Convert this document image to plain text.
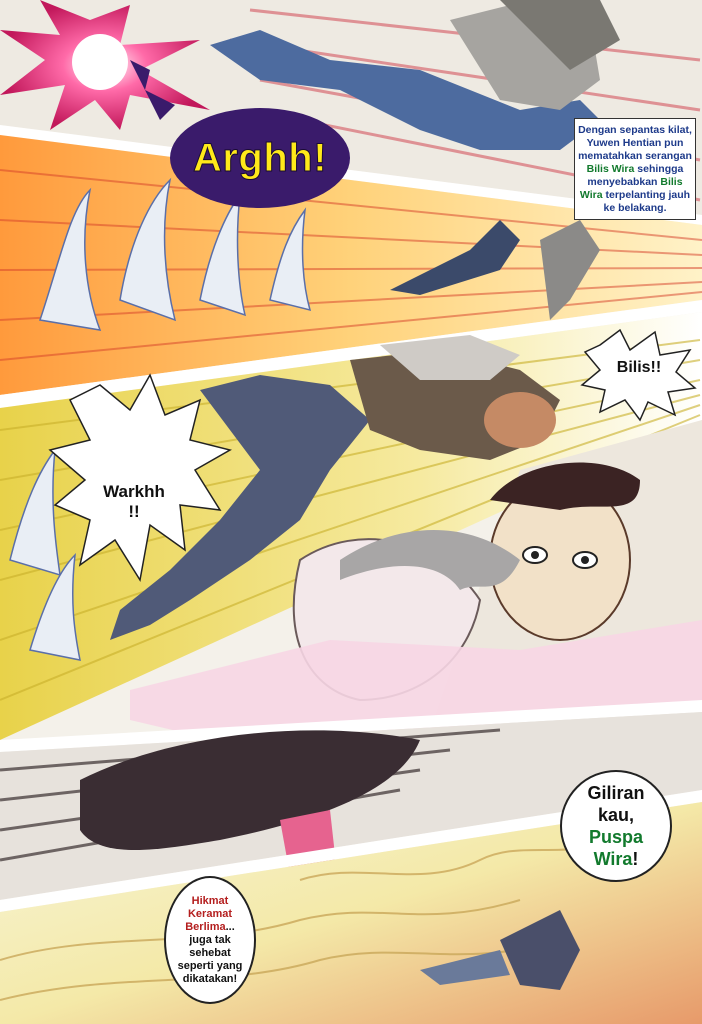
Arghh!
Dengan sepantas kilat, Yuwen Hentian pun mematahkan serangan Bilis Wira sehingga menyebabkan Bilis Wira terpelanting jauh ke belakang.
Bilis!!
Warkhh
!!
Giliran
kau,
Puspa
Wira!
Hikmat
Keramat
Berlima...
juga tak
sehebat
seperti yang
dikatakan!
